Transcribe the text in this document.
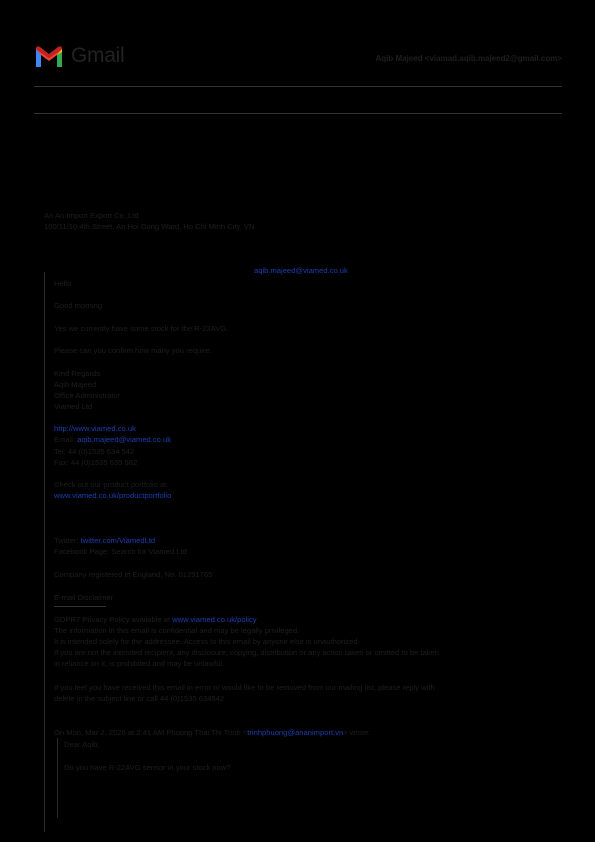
Gmail	Aqib Majeed <viamad.aqib.majeed2@gmail.com>
An An Import Export Co.,Ltd
100/11/10 4th Street, An Hoi Dong Ward, Ho Chi Minh City, VN
aqib.majeed@viamed.co.uk
Hello
Good morning
Yes we currently have some stock for the R-22AVG.
Please can you confirm how many you require.
Kind Regards
Aqib Majeed
Office Administrator
Viamed Ltd
http://www.viamed.co.uk
Email: aqib.majeed@viamed.co.uk
Tel: 44 (0)1535 634 542
Fax: 44 (0)1535 635 582
Check out our product portfolio at:
www.viamed.co.uk/productportfolio
Twitter: twitter.com/ViamedLtd
Facebook Page: Search for Viamed Ltd
Company registered in England, No. 01291765
E-mail Disclaimer
GDPR7 Privacy Policy available at www.viamed.co.uk/policy
The information in this email is confidential and may be legally privileged.
It is intended solely for the addressee. Access to this email by anyone else is unauthorized.
If you are not the intended recipient, any disclosure, copying, distribution or any action taken or omitted to be taken
in reliance on it, is prohibited and may be unlawful.
If you feel you have received this email in error or would like to be removed from our mailing list, please reply with
delete in the subject line or call 44 (0)1535 634542
On Mon, Mar 2, 2026 at 2:41 AM Phuong Thai Thi Trinh <trinhphuong@ananimport.vn> wrote:
Dear Aqib,
Do you have R-22AVG sensor in your stock now?
